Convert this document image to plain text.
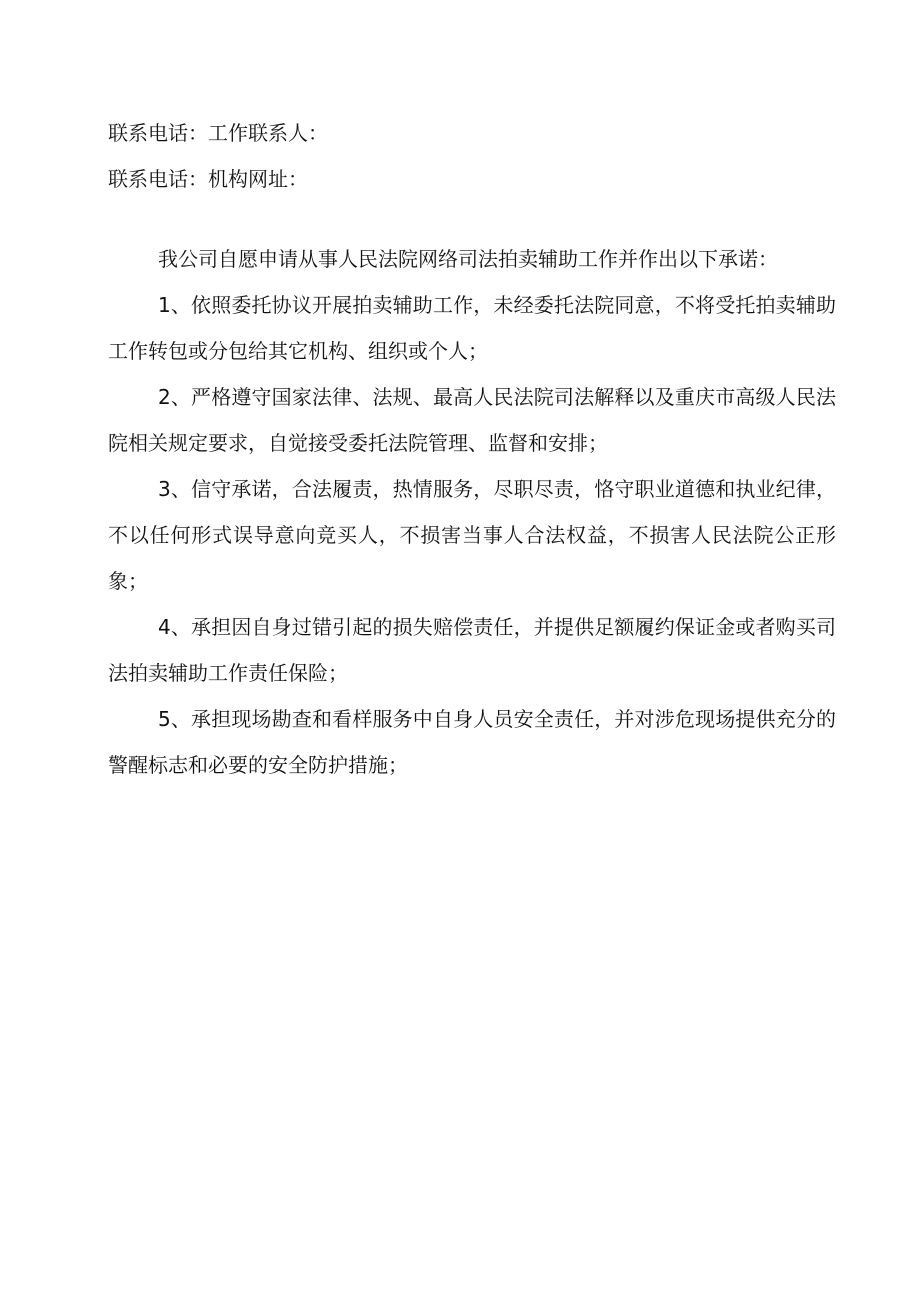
联系电话：工作联系人：
联系电话：机构网址：

我公司自愿申请从事人民法院网络司法拍卖辅助工作并作出以下承诺：

1、依照委托协议开展拍卖辅助工作，未经委托法院同意，不将受托拍卖辅助工作转包或分包给其它机构、组织或个人；

2、严格遵守国家法律、法规、最高人民法院司法解释以及重庆市高级人民法院相关规定要求，自觉接受委托法院管理、监督和安排；

3、信守承诺，合法履责，热情服务，尽职尽责，恪守职业道德和执业纪律，不以任何形式误导意向竞买人，不损害当事人合法权益，不损害人民法院公正形象；

4、承担因自身过错引起的损失赔偿责任，并提供足额履约保证金或者购买司法拍卖辅助工作责任保险；

5、承担现场勘查和看样服务中自身人员安全责任，并对涉危现场提供充分的警醒标志和必要的安全防护措施；
